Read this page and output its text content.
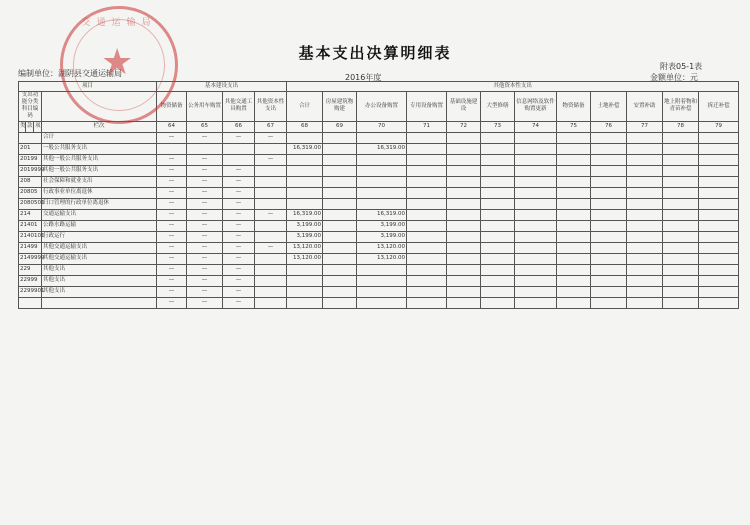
基本支出决算明细表
编制单位：湖阴县交通运输局	2016年度
附表05-1表
金额单位：元
项目				基本建设支出				其他资本性支出											
支出功能分类科目编码				物资储备	公务用车购置	其他交通工具购置	其他资本性支出	合计	房屋建筑物购建	办公设备购置	专用设备购置	基础设施建设	大型修缮	信息网络及软件购置更新	物资储备	土地补偿	安置补助	地上附着物和青苗补偿	拆迁补偿
类	款	项	栏次	64	65	66	67	68	69	70	71	72	73	74	75	76	77	78	79
			合计	—	—	—	—												
201			一般公共服务支出					16,319.00		16,319.00									
20199			其他一般公共服务支出	—	—		—												
2019999			其他一般公共服务支出	—	—	—													
208			社会保障和就业支出	—	—	—													
20805			行政事业单位离退休	—	—	—													
2080501			归口管理的行政单位离退休	—	—	—													
214			交通运输支出	—	—	—	—	16,319.00		16,319.00									
21401			公路水路运输	—	—	—		3,199.00		3,199.00									
2140101			行政运行	—	—	—		3,199.00		3,199.00									
21499			其他交通运输支出	—	—	—	—	13,120.00		13,120.00									
2149999			其他交通运输支出	—	—	—		13,120.00		13,120.00									
229			其他支出	—	—	—													
22999			其他支出	—	—	—													
2299901			其他支出	—	—	—													
				—	—	—													
交通运输局
★
